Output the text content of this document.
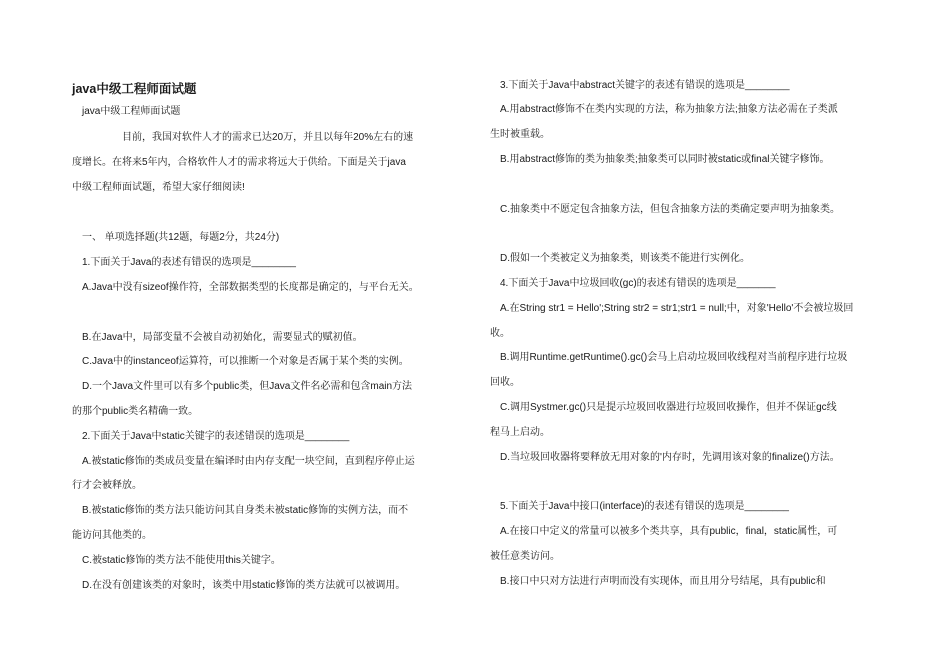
java中级工程师面试题
java中级工程师面试题
目前，我国对软件人才的需求已达20万，并且以每年20%左右的速
度增长。在将来5年内，合格软件人才的需求将远大于供给。下面是关于java
中级工程师面试题，希望大家仔细阅读!
一、 单项选择题(共12题，每题2分，共24分)
1.下面关于Java的表述有错误的选项是________
A.Java中没有sizeof操作符，全部数据类型的长度都是确定的，与平台无关。
B.在Java中，局部变量不会被自动初始化，需要显式的赋初值。
C.Java中的instanceof运算符，可以推断一个对象是否属于某个类的实例。
D.一个Java文件里可以有多个public类，但Java文件名必需和包含main方法
的那个public类名精确一致。
2.下面关于Java中static关键字的表述错误的选项是________
A.被static修饰的类成员变量在编译时由内存支配一块空间，直到程序停止运
行才会被释放。
B.被static修饰的类方法只能访问其自身类未被static修饰的实例方法，而不
能访问其他类的。
C.被static修饰的类方法不能使用this关键字。
D.在没有创建该类的对象时，该类中用static修饰的类方法就可以被调用。
3.下面关于Java中abstract关键字的表述有错误的选项是________
A.用abstract修饰不在类内实现的方法，称为抽象方法;抽象方法必需在子类派
生时被重载。
B.用abstract修饰的类为抽象类;抽象类可以同时被static或final关键字修饰。
C.抽象类中不愿定包含抽象方法，但包含抽象方法的类确定要声明为抽象类。
D.假如一个类被定义为抽象类，则该类不能进行实例化。
4.下面关于Java中垃圾回收(gc)的表述有错误的选项是_______
A.在String str1 = Hello';String str2 = str1;str1 = null;中，对象'Hello'不会被垃圾回
收。
B.调用Runtime.getRuntime().gc()会马上启动垃圾回收线程对当前程序进行垃圾
回收。
C.调用Systmer.gc()只是提示垃圾回收器进行垃圾回收操作，但并不保证gc线
程马上启动。
D.当垃圾回收器将要释放无用对象的'内存时，先调用该对象的finalize()方法。
5.下面关于Java中接口(interface)的表述有错误的选项是________
A.在接口中定义的常量可以被多个类共享，具有public，final，static属性，可
被任意类访问。
B.接口中只对方法进行声明而没有实现体，而且用分号结尾，具有public和
